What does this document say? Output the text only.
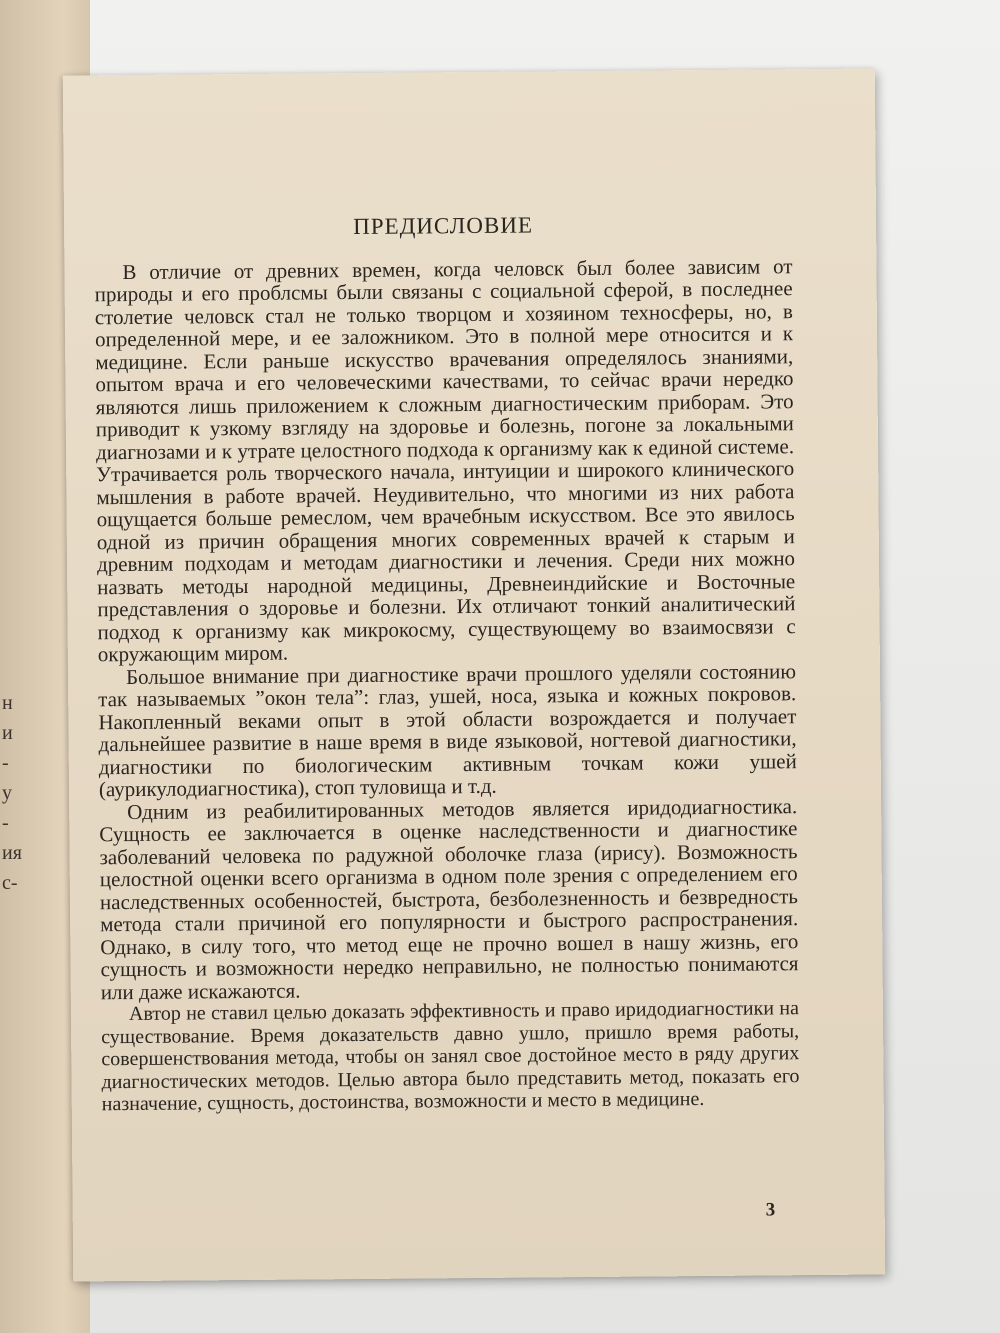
н
и
-
у
-
ия
с-
ПРЕДИСЛОВИЕ

В отличие от древних времен, когда человск был более зависим от природы и его проблсмы были связаны с социальной сферой, в последнее столетие человск стал не только творцом и хозяином техносферы, но, в определенной мере, и ее заложником. Это в полной мере относится и к медицине. Если раньше искусство врачевания определялось знаниями, опытом врача и его человеческими качествами, то сейчас врачи нередко являются лишь приложением к сложным диагностическим приборам. Это приводит к узкому взгляду на здоровье и болезнь, погоне за локальными диагнозами и к утрате целостного подхода к организму как к единой системе. Утрачивается роль творческого начала, интуиции и широкого клинического мышления в работе врачей. Неудивительно, что многими из них работа ощущается больше ремеслом, чем врачебным искусством. Все это явилось одной из причин обращения многих современных врачей к старым и древним подходам и методам диагностики и лечения. Среди них можно назвать методы народной медицины, Древнеиндийские и Восточные представления о здоровье и болезни. Их отличают тонкий аналитический подход к организму как микрокосму, существующему во взаимосвязи с окружающим миром.

Большое внимание при диагностике врачи прошлого уделяли состоянию так называемых ”окон тела”: глаз, ушей, носа, языка и кожных покровов. Накопленный веками опыт в этой области возрождается и получает дальнейшее развитие в наше время в виде языковой, ногтевой диагностики, диагностики по биологическим активным точкам кожи ушей (аурикулодиагностика), стоп туловища и т.д.

Одним из реабилитированных методов является иридодиагностика. Сущность ее заключается в оценке наследственности и диагностике заболеваний человека по радужной оболочке глаза (ирису). Возможность целостной оценки всего организма в одном поле зрения с определением его наследственных особенностей, быстрота, безболезненность и безвредность метода стали причиной его популярности и быстрого распространения. Однако, в силу того, что метод еще не прочно вошел в нашу жизнь, его сущность и возможности нередко неправильно, не полностью понимаются или даже искажаются.

Автор не ставил целью доказать эффективность и право иридодиагностики на существование. Время доказательств давно ушло, пришло время работы, совершенствования метода, чтобы он занял свое достойное место в ряду других диагностических методов. Целью автора было представить метод, показать его назначение, сущность, достоинства, возможности и место в медицине.

3
